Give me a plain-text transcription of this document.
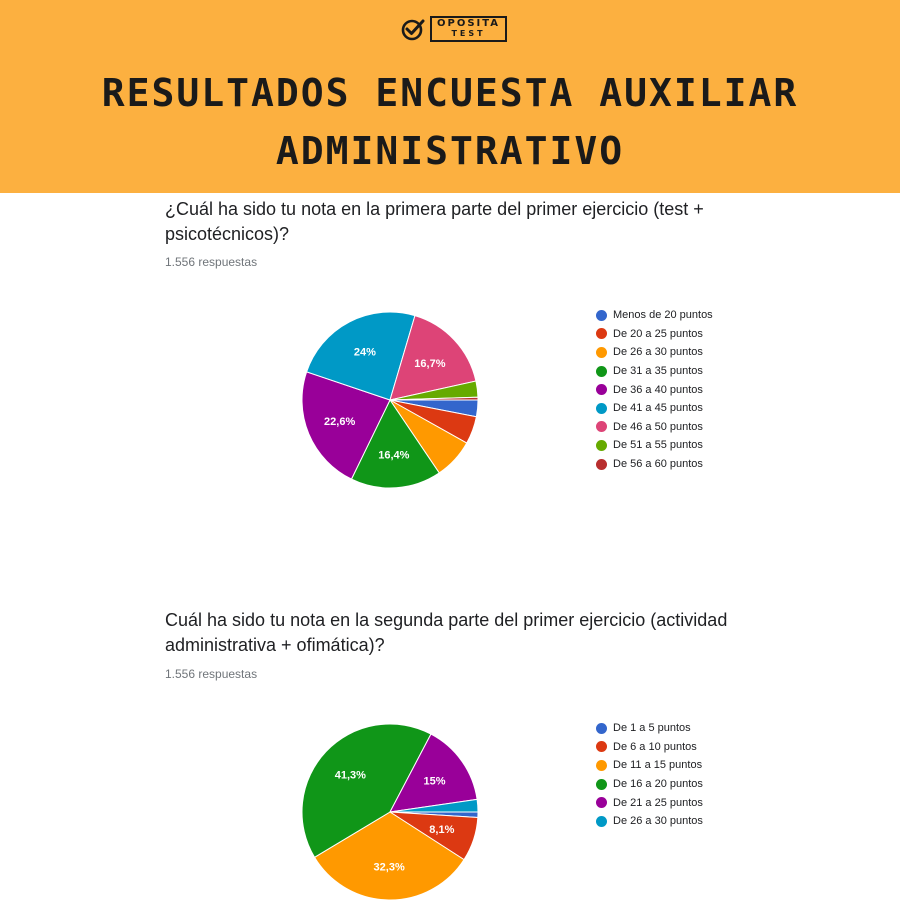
OPOSITA
TEST
RESULTADOS ENCUESTA AUXILIAR
ADMINISTRATIVO
¿Cuál ha sido tu nota en la primera parte del primer ejercicio (test +
psicotécnicos)?
1.556 respuestas
16,4%
22,6%
24%
16,7%
Menos de 20 puntos
De 20 a 25 puntos
De 26 a 30 puntos
De 31 a 35 puntos
De 36 a 40 puntos
De 41 a 45 puntos
De 46 a 50 puntos
De 51 a 55 puntos
De 56 a 60 puntos
Cuál ha sido tu nota en la segunda parte del primer ejercicio (actividad
administrativa + ofimática)?
1.556 respuestas
8,1%
32,3%
41,3%	15%
De 1 a 5 puntos
De 6 a 10 puntos
De 11 a 15 puntos
De 16 a 20 puntos
De 21 a 25 puntos
De 26 a 30 puntos
